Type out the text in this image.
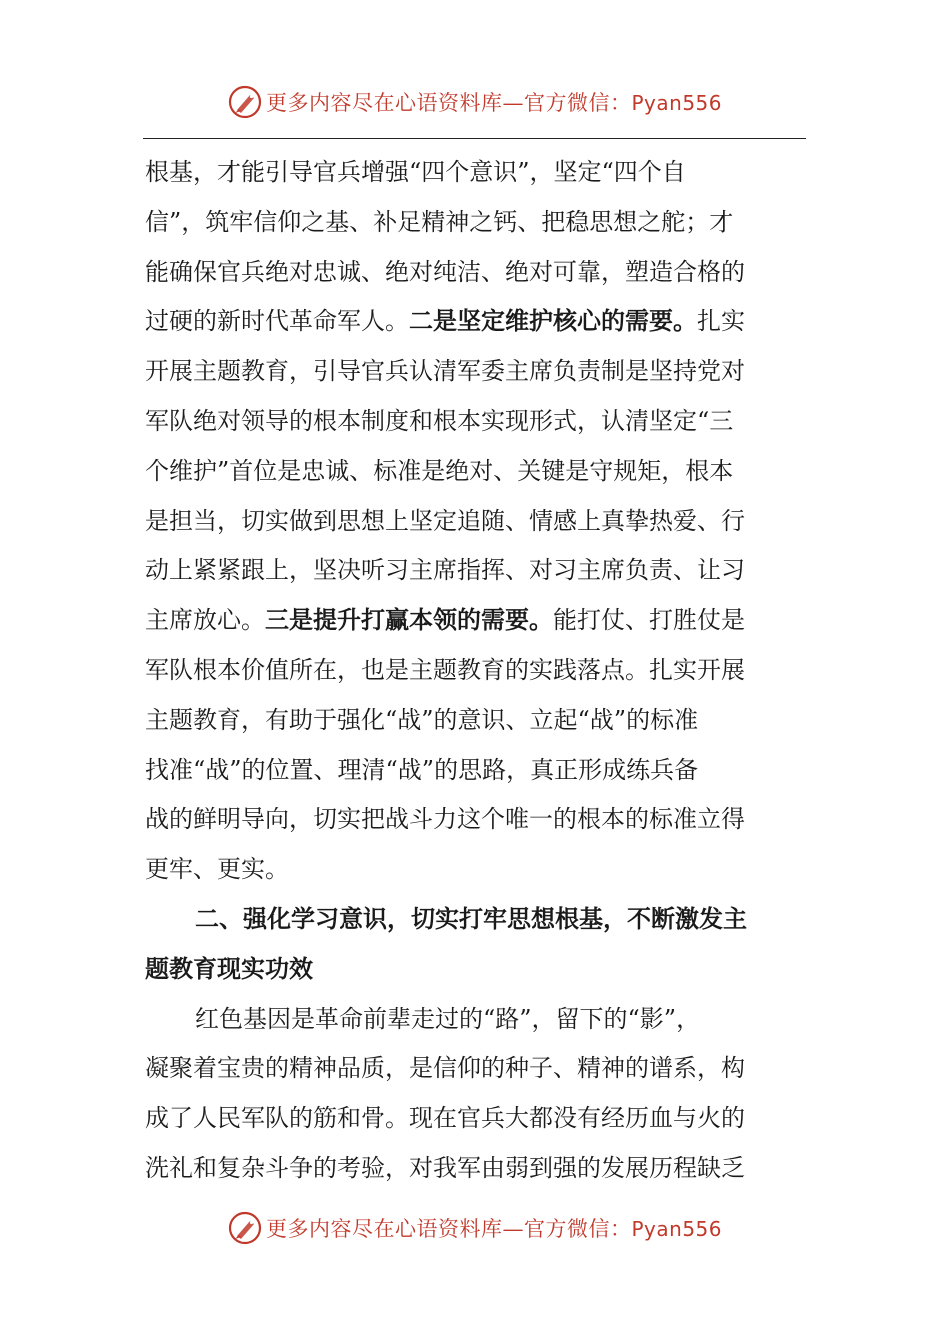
更多内容尽在心语资料库—官方微信：Pyan556
根基，才能引导官兵增强“四个意识”，坚定“四个自
信”，筑牢信仰之基、补足精神之钙、把稳思想之舵；才
能确保官兵绝对忠诚、绝对纯洁、绝对可靠，塑造合格的
过硬的新时代革命军人。 二是坚定维护核心的需要。 扎实
开展主题教育，引导官兵认清军委主席负责制是坚持党对
军队绝对领导的根本制度和根本实现形式，认清坚定“三
个维护”首位是忠诚、标准是绝对、关键是守规矩，根本
是担当，切实做到思想上坚定追随、情感上真挚热爱、行
动上紧紧跟上，坚决听习主席指挥、对习主席负责、让习
主席放心。 三是提升打赢本领的需要。 能打仗、打胜仗是
军队根本价值所在，也是主题教育的实践落点。扎实开展
主题教育，有助于强化“战”的意识、立起“战”的标准
找准“战”的位置、理清“战”的思路，真正形成练兵备
战的鲜明导向，切实把战斗力这个唯一的根本的标准立得
更牢、更实。
二、强化学习意识，切实打牢思想根基，不断激发主
题教育现实功效
红色基因是革命前辈走过的“路”，留下的“影”，
凝聚着宝贵的精神品质，是信仰的种子、精神的谱系，构
成了人民军队的筋和骨。现在官兵大都没有经历血与火的
洗礼和复杂斗争的考验，对我军由弱到强的发展历程缺乏
更多内容尽在心语资料库—官方微信：Pyan556
